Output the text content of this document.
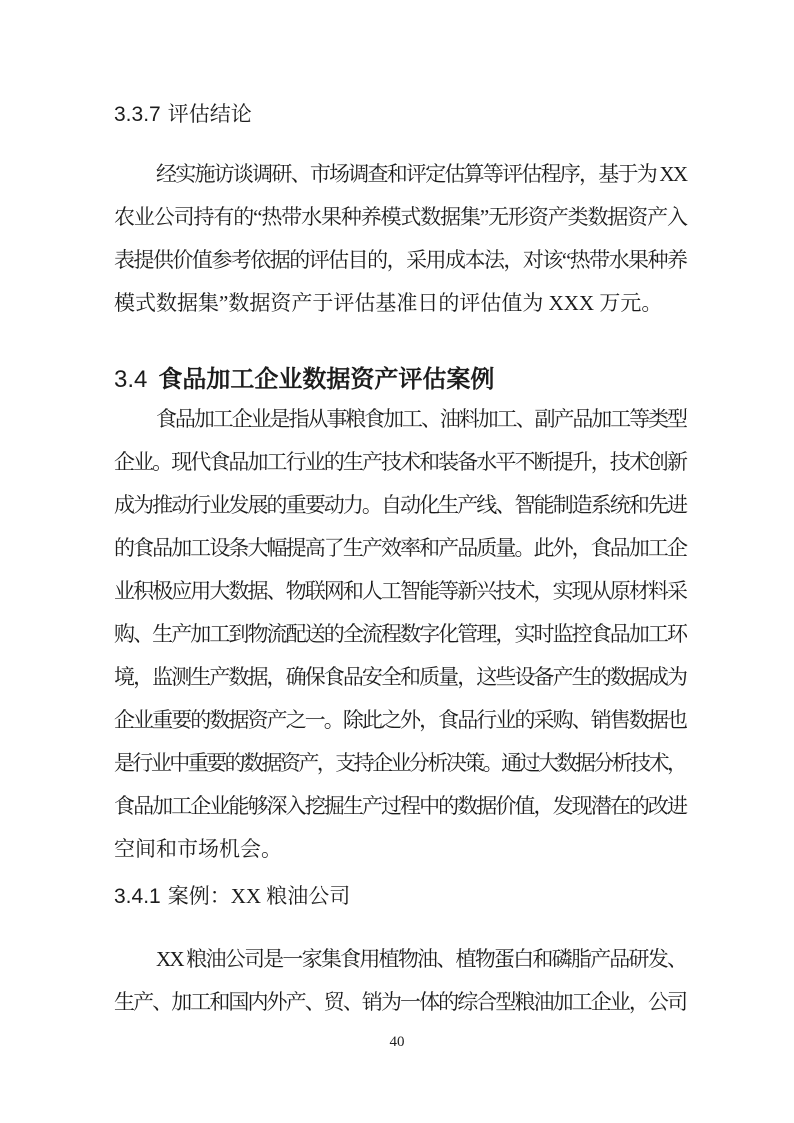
3.3.7 评估结论
经实施访谈调研、市场调查和评定估算等评估程序，基于为 XX
农业公司持有的“热带水果种养模式数据集”无形资产类数据资产入
表提供价值参考依据的评估目的，采用成本法，对该“热带水果种养
模式数据集”数据资产于评估基准日的评估值为 XXX 万元。
3.4 食品加工企业数据资产评估案例
食品加工企业是指从事粮食加工、油料加工、副产品加工等类型
企业。现代食品加工行业的生产技术和装备水平不断提升，技术创新
成为推动行业发展的重要动力。自动化生产线、智能制造系统和先进
的食品加工设条大幅提高了生产效率和产品质量。此外，食品加工企
业积极应用大数据、物联网和人工智能等新兴技术，实现从原材料采
购、生产加工到物流配送的全流程数字化管理，实时监控食品加工环
境，监测生产数据，确保食品安全和质量，这些设备产生的数据成为
企业重要的数据资产之一。除此之外，食品行业的采购、销售数据也
是行业中重要的数据资产，支持企业分析决策。通过大数据分析技术，
食品加工企业能够深入挖掘生产过程中的数据价值，发现潜在的改进
空间和市场机会。
3.4.1 案例：XX 粮油公司
XX 粮油公司是一家集食用植物油、植物蛋白和磷脂产品研发、
生产、加工和国内外产、贸、销为一体的综合型粮油加工企业，公司
40
